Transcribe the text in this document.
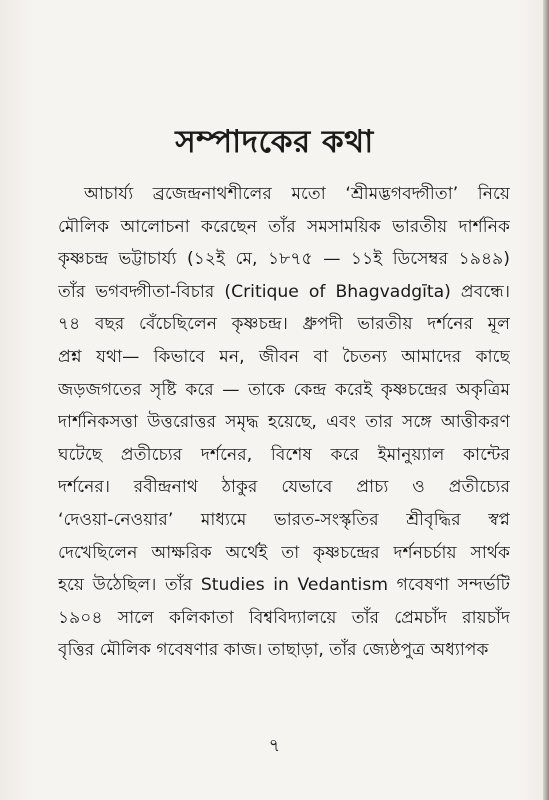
সম্পাদকের কথা
আচার্য্য ব্রজেন্দ্রনাথশীলের মতো ‘শ্রীমদ্ভগবদ্গীতা’ নিয়ে
মৌলিক আলোচনা করেছেন তাঁর সমসাময়িক ভারতীয় দার্শনিক
কৃষ্ণচন্দ্র ভট্টাচার্য্য (১২ই মে, ১৮৭৫ — ১১ই ডিসেম্বর ১৯৪৯)
তাঁর ভগবদ্গীতা-বিচার (Critique of Bhagvadgīta) প্রবন্ধে।
৭৪ বছর বেঁচেছিলেন কৃষ্ণচন্দ্র। ধ্রুপদী ভারতীয় দর্শনের মূল
প্রশ্ন যথা— কিভাবে মন, জীবন বা চৈতন্য আমাদের কাছে
জড়জগতের সৃষ্টি করে — তাকে কেন্দ্র করেই কৃষ্ণচন্দ্রের অকৃত্রিম
দার্শনিকসত্তা উত্তরোত্তর সমৃদ্ধ হয়েছে, এবং তার সঙ্গে আত্তীকরণ
ঘটেছে প্রতীচ্যের দর্শনের, বিশেষ করে ইমানুয়্যাল কান্টের
দর্শনের। রবীন্দ্রনাথ ঠাকুর যেভাবে প্রাচ্য ও প্রতীচ্যের
‘দেওয়া-নেওয়ার’ মাধ্যমে ভারত-সংস্কৃতির শ্রীবৃদ্ধির স্বপ্ন
দেখেছিলেন আক্ষরিক অর্থেই তা কৃষ্ণচন্দ্রের দর্শনচর্চায় সার্থক
হয়ে উঠেছিল। তাঁর Studies in Vedantism গবেষণা সন্দর্ভটি
১৯০৪ সালে কলিকাতা বিশ্ববিদ্যালয়ে তাঁর প্রেমচাঁদ রায়চাঁদ
বৃত্তির মৌলিক গবেষণার কাজ। তাছাড়া, তাঁর জ্যেষ্ঠপুত্র অধ্যাপক
৭
